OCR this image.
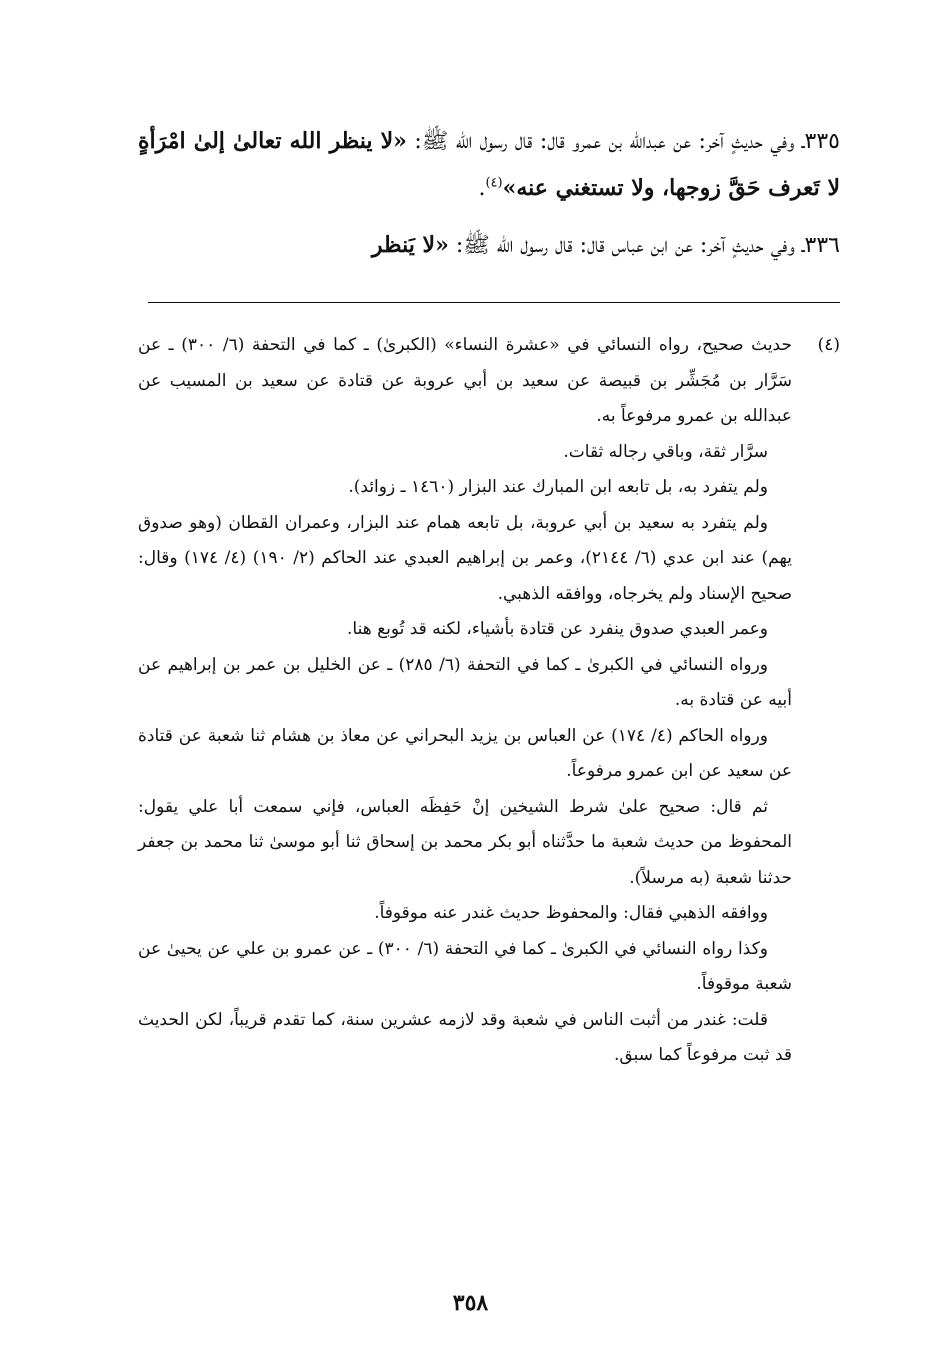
٣٣٥ـ وفي حديثٍ آخر: عن عبدالله بن عمرو قال: قال رسول الله ﷺ: «لا ينظر الله تعالىٰ إلىٰ امْرَأةٍ لا تَعرف حَقَّ زوجها، ولا تستغني عنه»$^{(٤)}$.

٣٣٦ـ وفي حديثٍ آخر: عن ابن عباس قال: قال رسول الله ﷺ: «لا يَنظر

(٤)
حديث صحيح، رواه النسائي في «عشرة النساء» (الكبرىٰ) ـ كما في التحفة (٦/ ٣٠٠) ـ عن سَرَّار بن مُجَشِّر بن قبيصة عن سعيد بن أبي عروبة عن قتادة عن سعيد بن المسيب عن عبدالله بن عمرو مرفوعاً به.

سرَّار ثقة، وباقي رجاله ثقات.

ولم يتفرد به، بل تابعه ابن المبارك عند البزار (١٤٦٠ ـ زوائد).

ولم يتفرد به سعيد بن أبي عروبة، بل تابعه همام عند البزار، وعمران القطان (وهو صدوق يهم) عند ابن عدي (٦/ ٢١٤٤)، وعمر بن إبراهيم العبدي عند الحاكم (٢/ ١٩٠) (٤/ ١٧٤) وقال: صحيح الإسناد ولم يخرجاه، ووافقه الذهبي.

وعمر العبدي صدوق ينفرد عن قتادة بأشياء، لكنه قد تُوبع هنا.

ورواه النسائي في الكبرىٰ ـ كما في التحفة (٦/ ٢٨٥) ـ عن الخليل بن عمر بن إبراهيم عن أبيه عن قتادة به.

ورواه الحاكم (٤/ ١٧٤) عن العباس بن يزيد البحراني عن معاذ بن هشام ثنا شعبة عن قتادة عن سعيد عن ابن عمرو مرفوعاً.

ثم قال: صحيح علىٰ شرط الشيخين إنْ حَفِظَه العباس، فإني سمعت أبا علي يقول: المحفوظ من حديث شعبة ما حدَّثناه أبو بكر محمد بن إسحاق ثنا أبو موسىٰ ثنا محمد بن جعفر حدثنا شعبة (به مرسلاً).

ووافقه الذهبي فقال: والمحفوظ حديث غندر عنه موقوفاً.

وكذا رواه النسائي في الكبرىٰ ـ كما في التحفة (٦/ ٣٠٠) ـ عن عمرو بن علي عن يحيىٰ عن شعبة موقوفاً.

قلت: غندر من أثبت الناس في شعبة وقد لازمه عشرين سنة، كما تقدم قريباً، لكن الحديث قد ثبت مرفوعاً كما سبق.

٣٥٨
